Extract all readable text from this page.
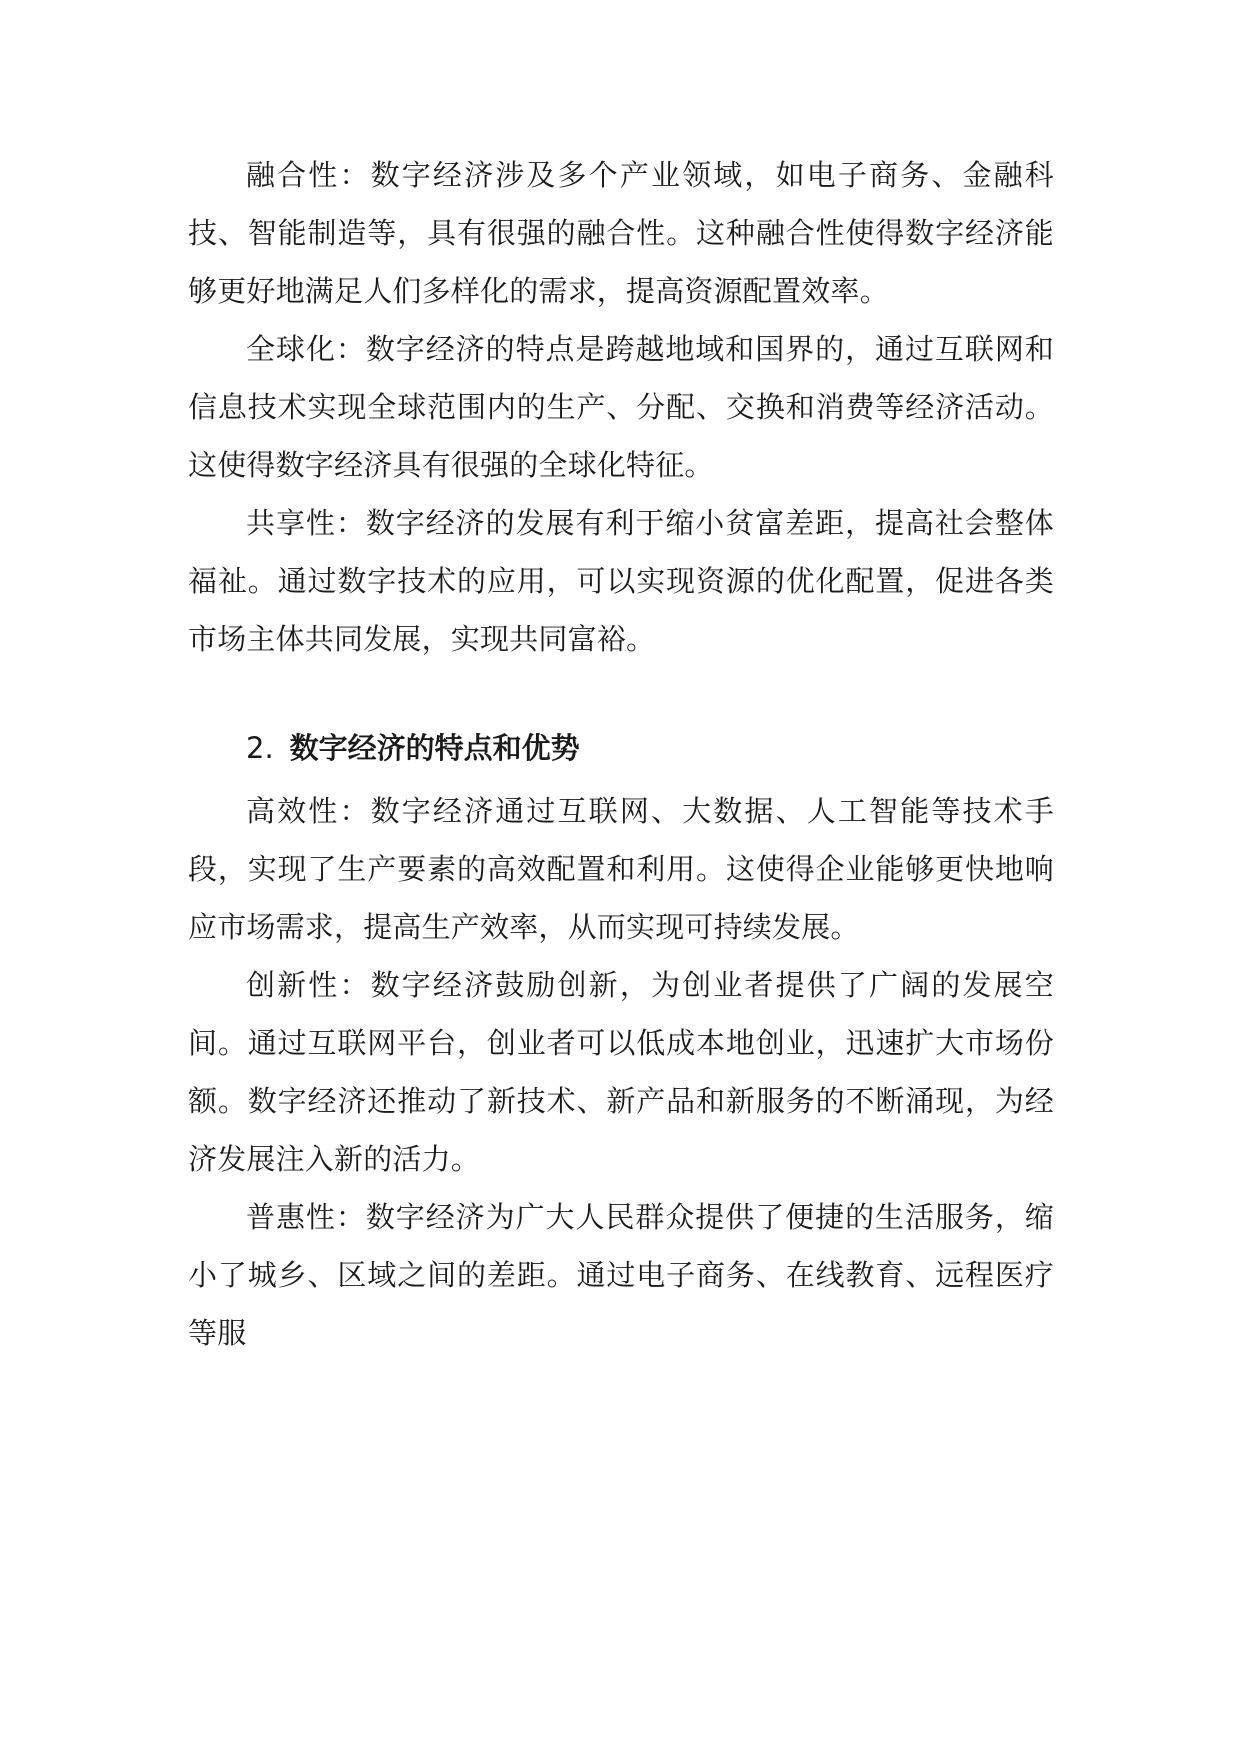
融合性：数字经济涉及多个产业领域，如电子商务、金融科技、智能制造等，具有很强的融合性。这种融合性使得数字经济能够更好地满足人们多样化的需求，提高资源配置效率。

全球化：数字经济的特点是跨越地域和国界的，通过互联网和信息技术实现全球范围内的生产、分配、交换和消费等经济活动。这使得数字经济具有很强的全球化特征。

共享性：数字经济的发展有利于缩小贫富差距，提高社会整体福祉。通过数字技术的应用，可以实现资源的优化配置，促进各类市场主体共同发展，实现共同富裕。

2. 数字经济的特点和优势

高效性：数字经济通过互联网、大数据、人工智能等技术手段，实现了生产要素的高效配置和利用。这使得企业能够更快地响应市场需求，提高生产效率，从而实现可持续发展。

创新性：数字经济鼓励创新，为创业者提供了广阔的发展空间。通过互联网平台，创业者可以低成本地创业，迅速扩大市场份额。数字经济还推动了新技术、新产品和新服务的不断涌现，为经济发展注入新的活力。

普惠性：数字经济为广大人民群众提供了便捷的生活服务，缩小了城乡、区域之间的差距。通过电子商务、在线教育、远程医疗等服
